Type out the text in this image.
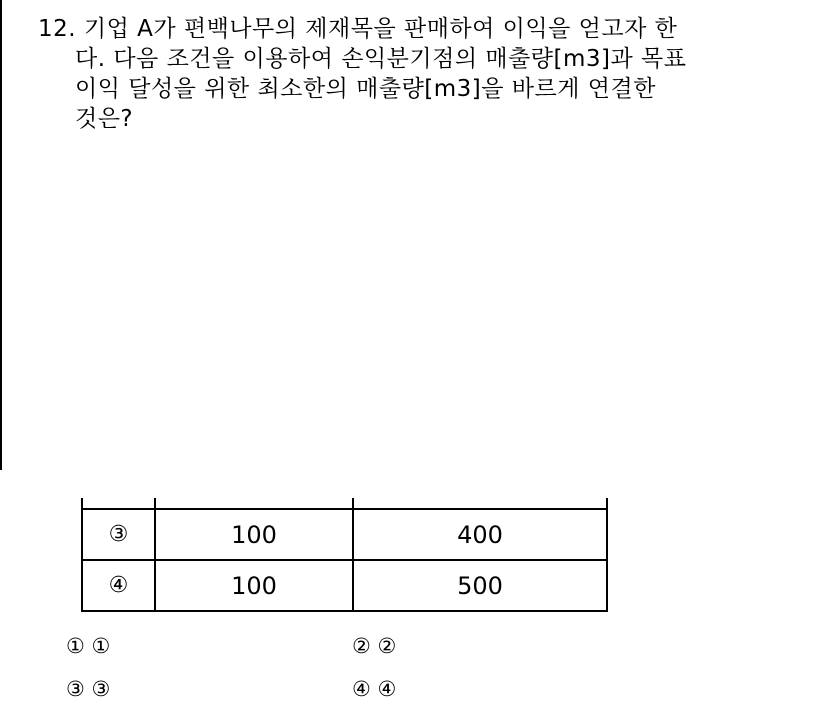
12. 기업 A가 편백나무의 제재목을 판매하여 이익을 얻고자 한
다. 다음 조건을 이용하여 손익분기점의 매출량[m3]과 목표
이익 달성을 위한 최소한의 매출량[m3]을 바르게 연결한
것은?
③	100	400
④	100	500
① ①	② ②
③ ③	④ ④
